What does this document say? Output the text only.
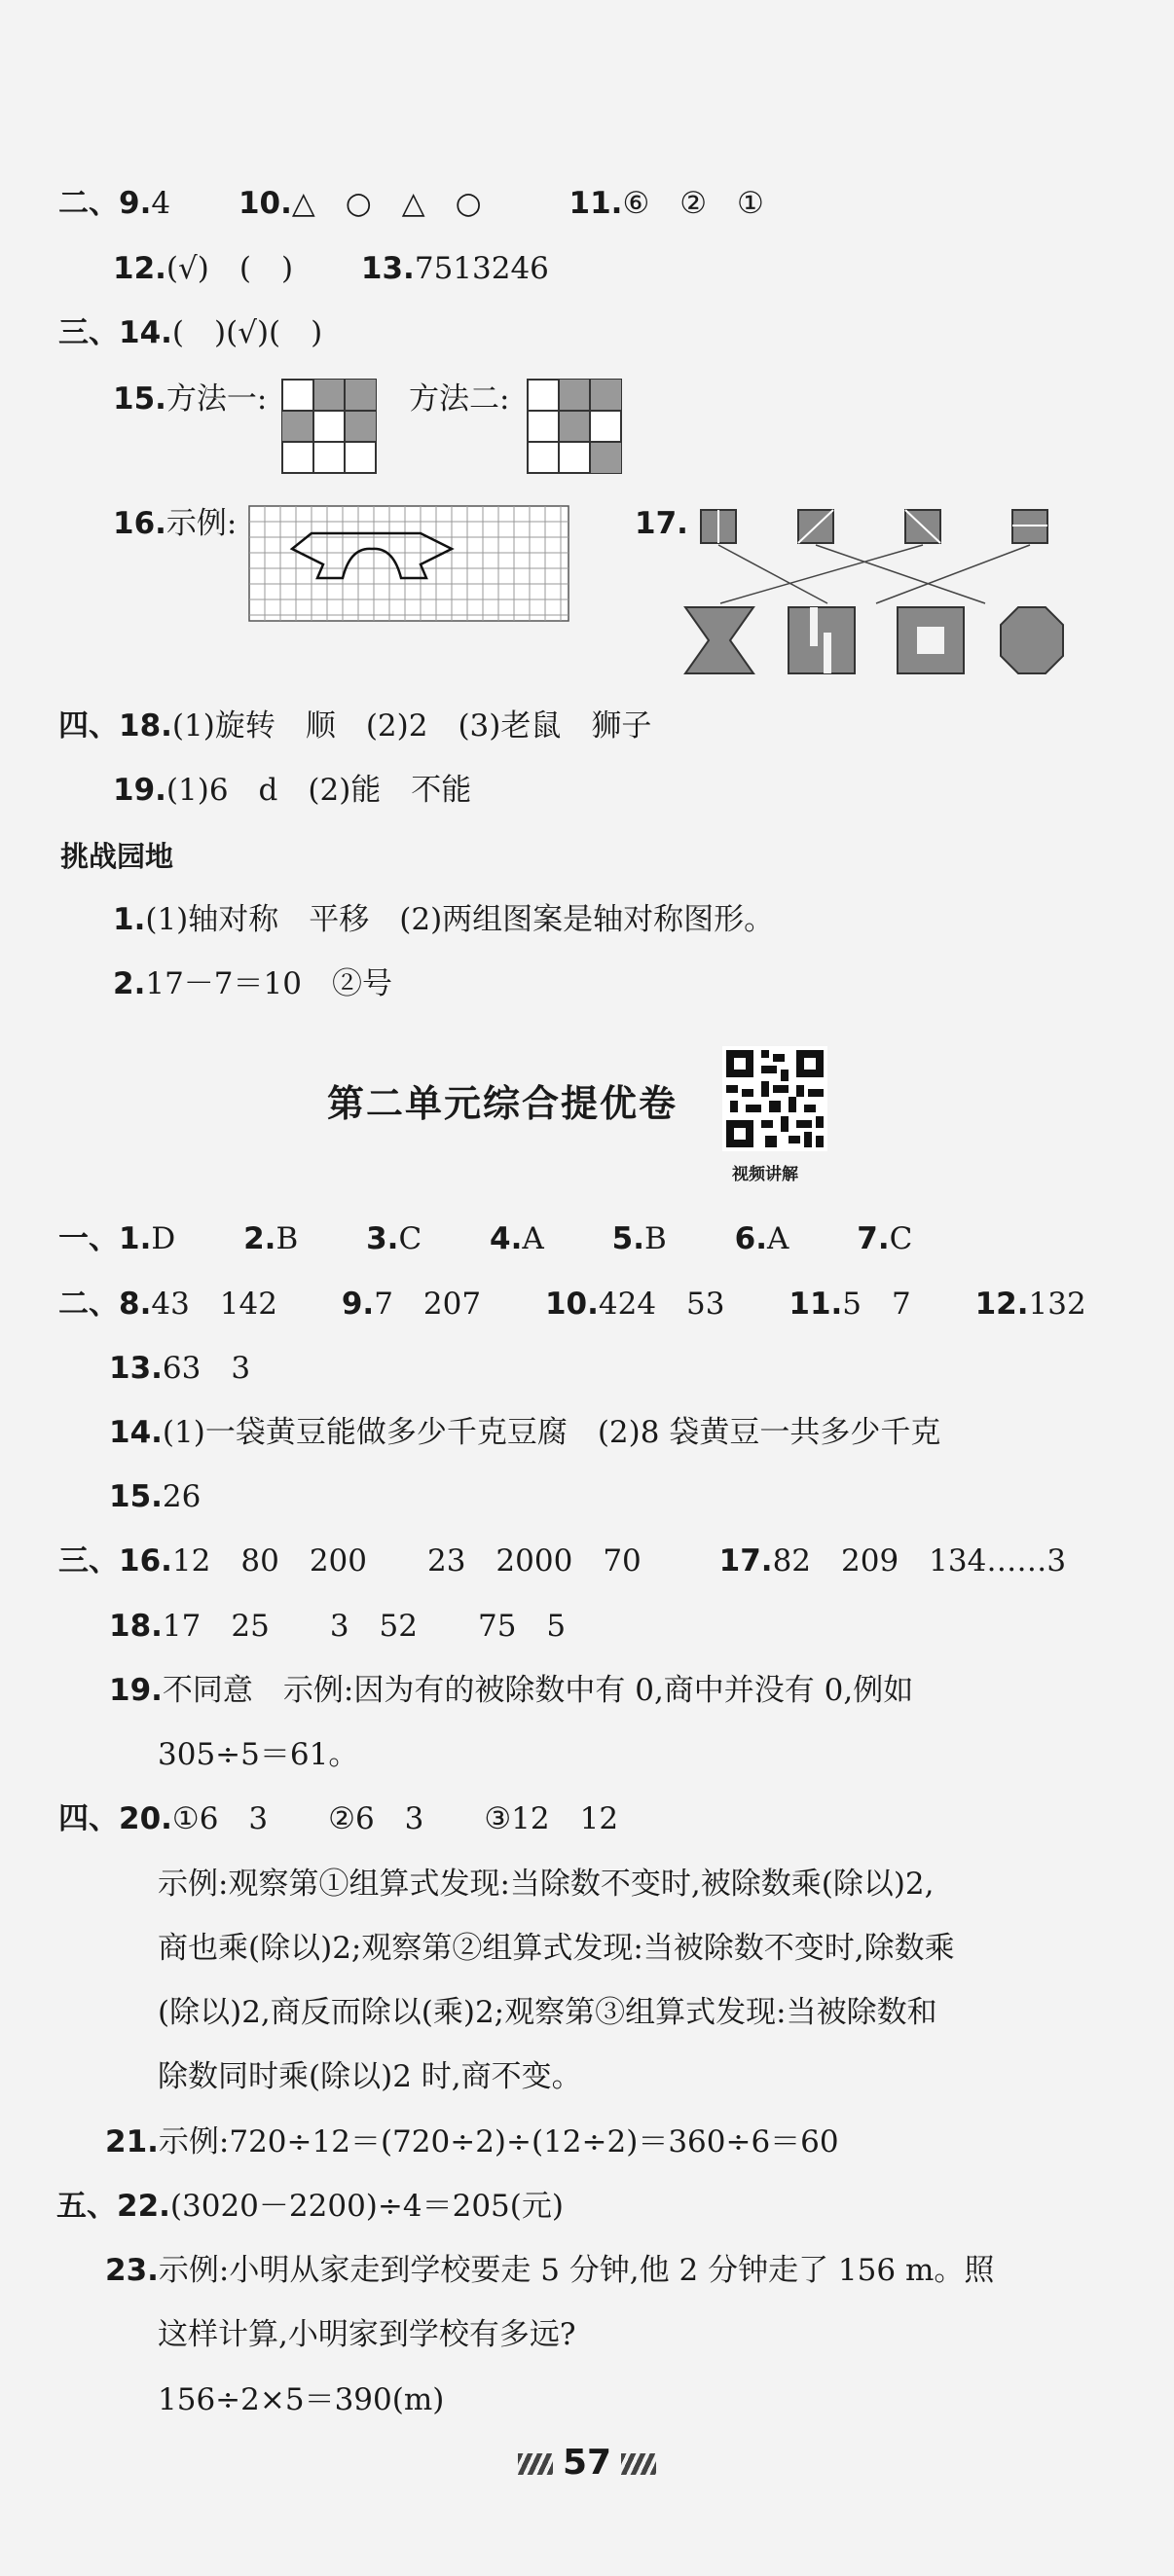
二、9.4 10.△　○　△　○	11.⑥　②　①
12.(√)　(　) 13.7513246
三、14.(　)(√)(　)
15.方法一:	方法二:
16.示例:	17.
四、18.(1)旋转　顺　(2)2　(3)老鼠　狮子
19.(1)6　d　(2)能　不能
挑战园地
1.(1)轴对称　平移　(2)两组图案是轴对称图形。
2.17－7＝10　②号
第二单元综合提优卷
视频讲解
一、1.D 2.B 3.C 4.A 5.B 6.A 7.C
二、8.43　142 9.7　207 10.424　53 11.5　7 12.132
13.63　3
14.(1)一袋黄豆能做多少千克豆腐　(2)8 袋黄豆一共多少千克
15.26
三、16.12　80　200　　23　2000　70	17.82　209　134……3
18.17　25　　3　52　　75　5
19.不同意　示例:因为有的被除数中有 0,商中并没有 0,例如
305÷5＝61。
四、20.①6　3　　②6　3　　③12　12
示例:观察第①组算式发现:当除数不变时,被除数乘(除以)2,
商也乘(除以)2;观察第②组算式发现:当被除数不变时,除数乘
(除以)2,商反而除以(乘)2;观察第③组算式发现:当被除数和
除数同时乘(除以)2 时,商不变。
21.示例:720÷12＝(720÷2)÷(12÷2)＝360÷6＝60
五、22.(3020－2200)÷4＝205(元)
23.示例:小明从家走到学校要走 5 分钟,他 2 分钟走了 156 m。照
这样计算,小明家到学校有多远?
156÷2×5＝390(m)
57
